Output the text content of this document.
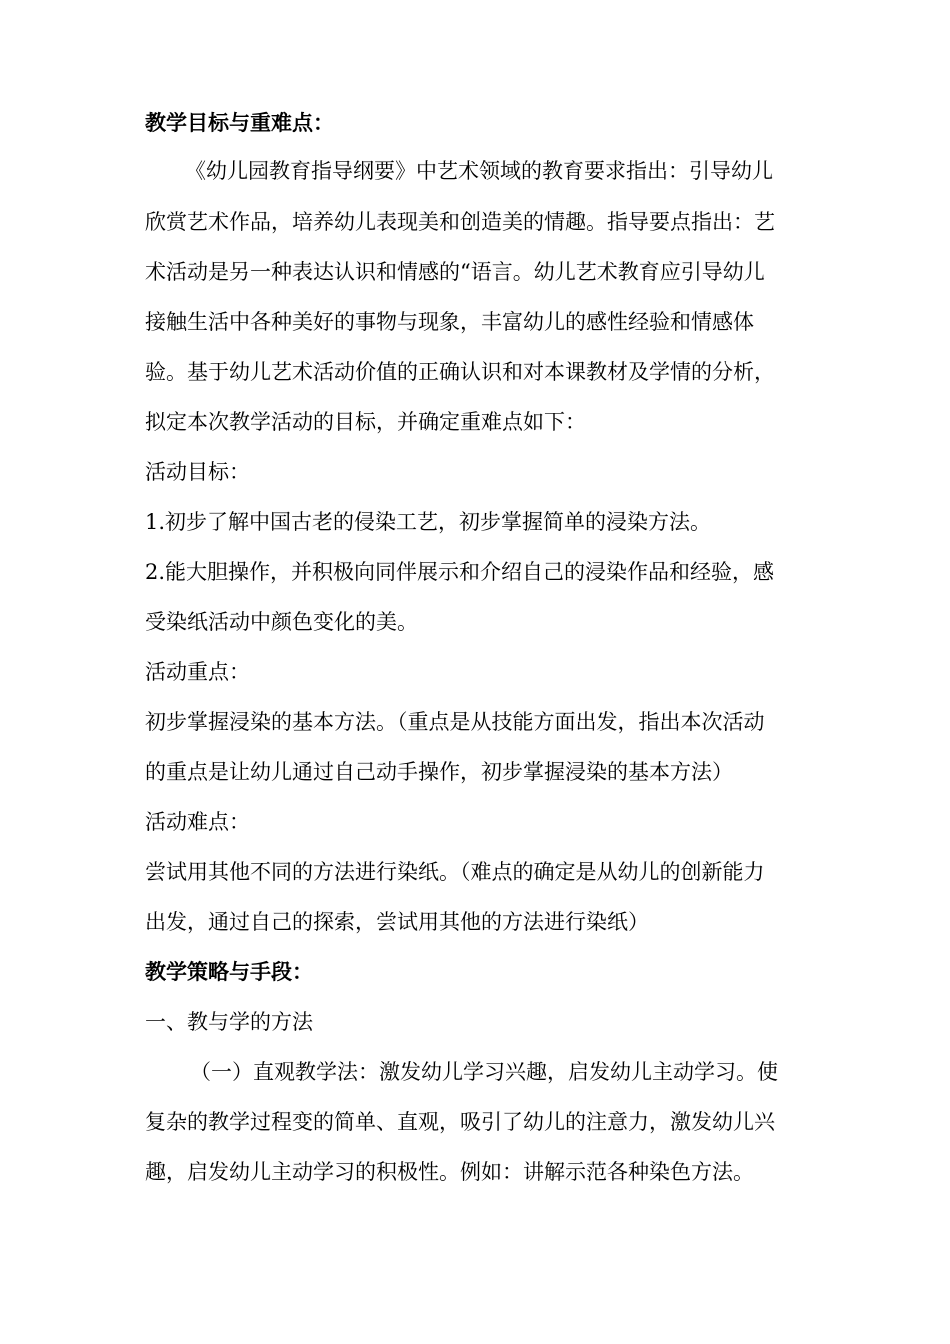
教学目标与重难点：
《幼儿园教育指导纲要》中艺术领域的教育要求指出：引导幼儿
欣赏艺术作品，培养幼儿表现美和创造美的情趣。指导要点指出：艺
术活动是另一种表达认识和情感的“语言。幼儿艺术教育应引导幼儿
接触生活中各种美好的事物与现象，丰富幼儿的感性经验和情感体
验。基于幼儿艺术活动价值的正确认识和对本课教材及学情的分析，
拟定本次教学活动的目标，并确定重难点如下：
活动目标：
1.初步了解中国古老的侵染工艺，初步掌握简单的浸染方法。
2.能大胆操作，并积极向同伴展示和介绍自己的浸染作品和经验，感
受染纸活动中颜色变化的美。
活动重点：
初步掌握浸染的基本方法。（重点是从技能方面出发，指出本次活动
的重点是让幼儿通过自己动手操作，初步掌握浸染的基本方法）
活动难点：
尝试用其他不同的方法进行染纸。（难点的确定是从幼儿的创新能力
出发，通过自己的探索，尝试用其他的方法进行染纸）
教学策略与手段：
一、教与学的方法
（一）直观教学法：激发幼儿学习兴趣，启发幼儿主动学习。使
复杂的教学过程变的简单、直观，吸引了幼儿的注意力，激发幼儿兴
趣，启发幼儿主动学习的积极性。例如：讲解示范各种染色方法。
